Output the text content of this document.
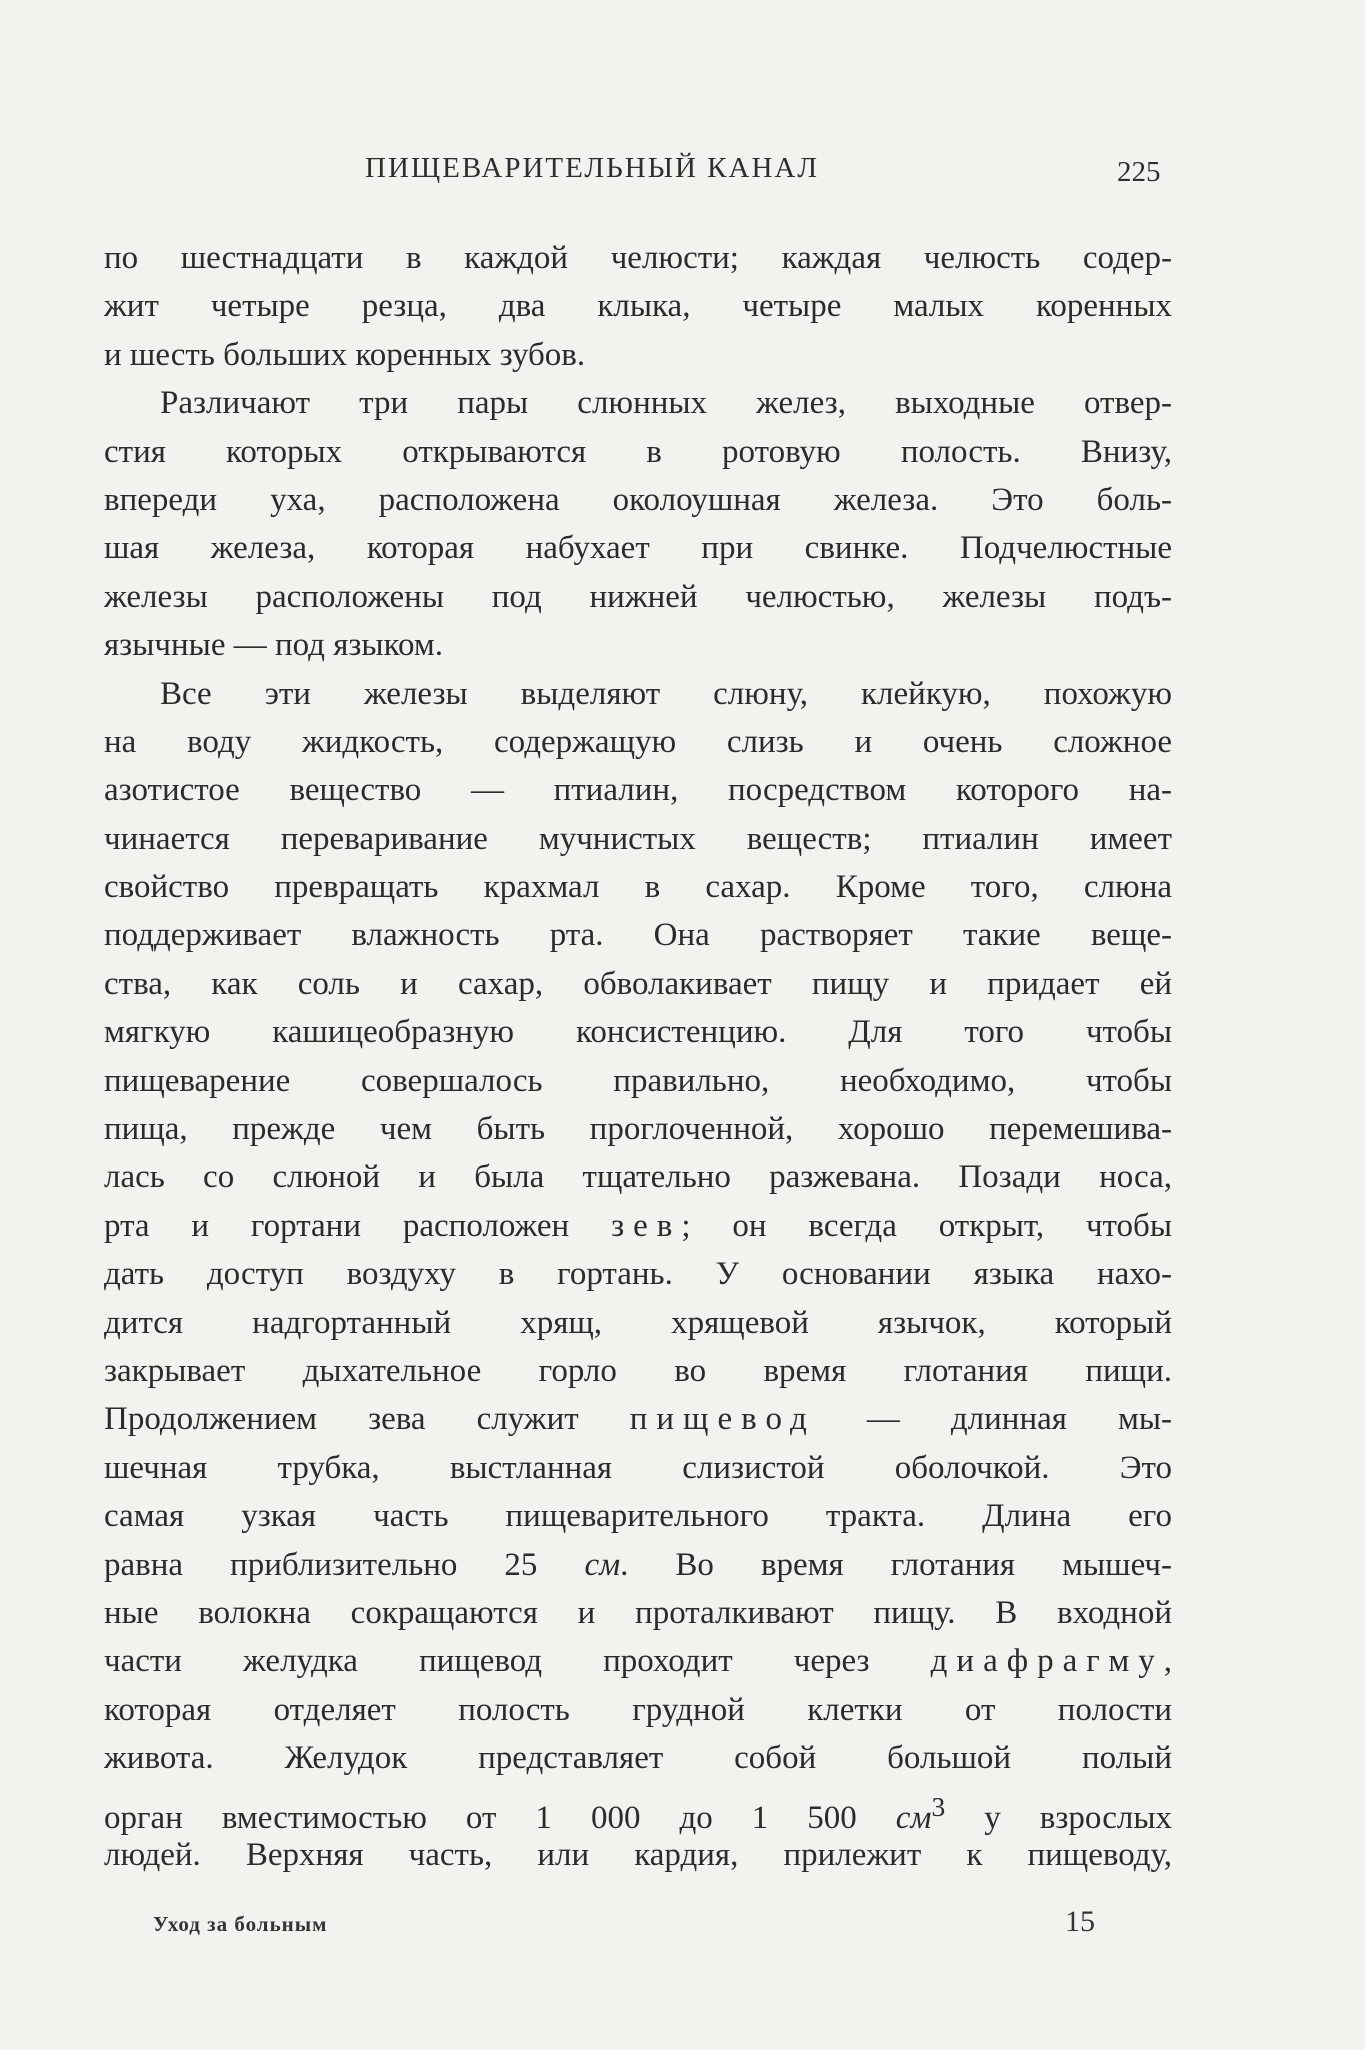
ПИЩЕВАРИТЕЛЬНЫЙ КАНАЛ	225
по шестнадцати в каждой челюсти; каждая челюсть содер-
жит четыре резца, два клыка, четыре малых коренных
и шесть больших коренных зубов.
Различают три пары слюнных желез, выходные отвер-
стия которых открываются в ротовую полость. Внизу,
впереди уха, расположена околоушная железа. Это боль-
шая железа, которая набухает при свинке. Подчелюстные
железы расположены под нижней челюстью, железы подъ-
язычные — под языком.
Все эти железы выделяют слюну, клейкую, похожую
на воду жидкость, содержащую слизь и очень сложное
азотистое вещество — птиалин, посредством которого на-
чинается переваривание мучнистых веществ; птиалин имеет
свойство превращать крахмал в сахар. Кроме того, слюна
поддерживает влажность рта. Она растворяет такие веще-
ства, как соль и сахар, обволакивает пищу и придает ей
мягкую кашицеобразную консистенцию. Для того чтобы
пищеварение совершалось правильно, необходимо, чтобы
пища, прежде чем быть проглоченной, хорошо перемешива-
лась со слюной и была тщательно разжевана. Позади носа,
рта и гортани расположен зев; он всегда открыт, чтобы
дать доступ воздуху в гортань. У основании языка нахо-
дится надгортанный хрящ, хрящевой язычок, который
закрывает дыхательное горло во время глотания пищи.
Продолжением зева служит пищевод — длинная мы-
шечная трубка, выстланная слизистой оболочкой. Это
самая узкая часть пищеварительного тракта. Длина его
равна приблизительно 25 см. Во время глотания мышеч-
ные волокна сокращаются и проталкивают пищу. В входной
части желудка пищевод проходит через диафрагму,
которая отделяет полость грудной клетки от полости
живота. Желудок представляет собой большой полый
орган вместимостью от 1 000 до 1 500 $см^3$ у взрослых
людей. Верхняя часть, или кардия, прилежит к пищеводу,
Уход за больным	15
